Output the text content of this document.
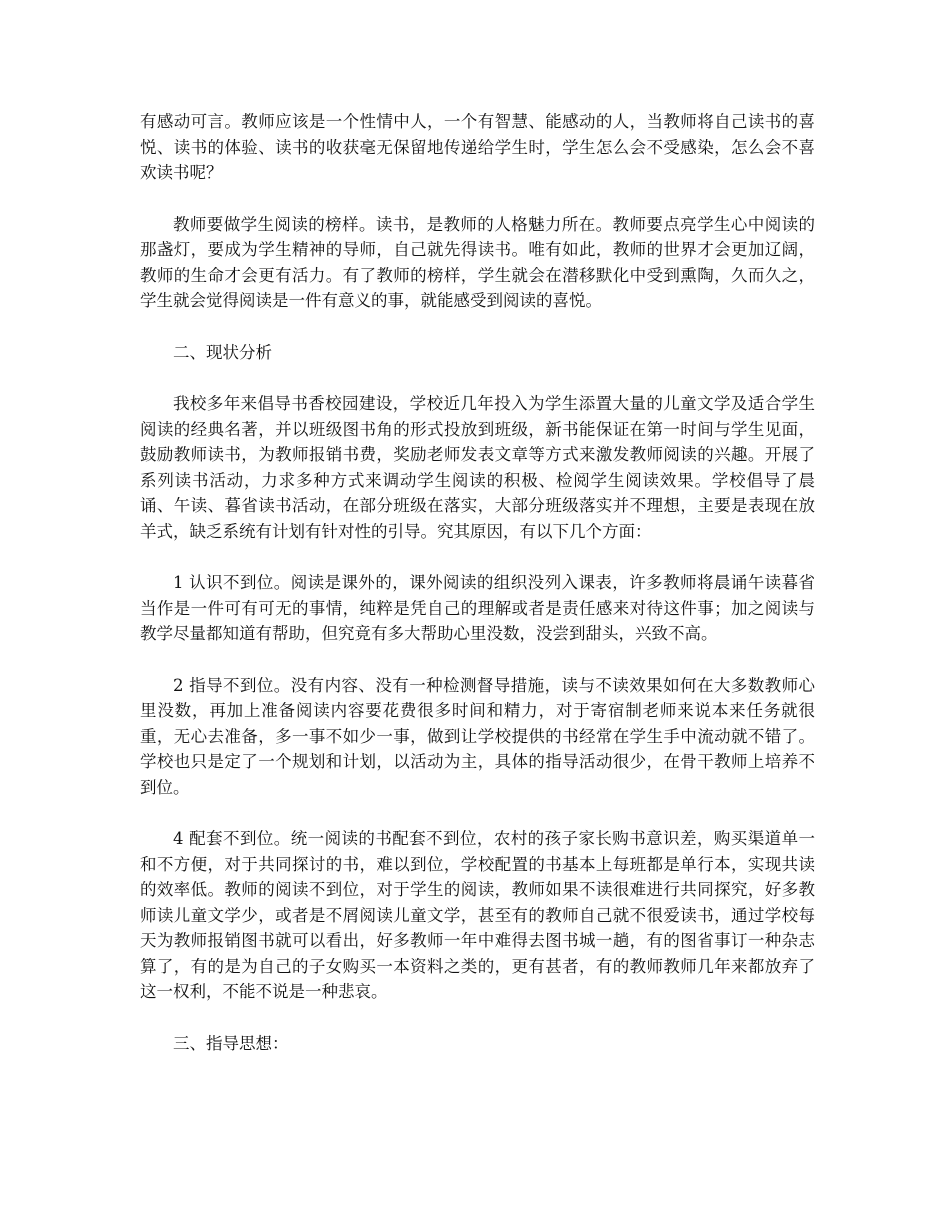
有感动可言。教师应该是一个性情中人，一个有智慧、能感动的人，当教师将自己读书的喜悦、读书的体验、读书的收获毫无保留地传递给学生时，学生怎么会不受感染，怎么会不喜欢读书呢？

教师要做学生阅读的榜样。读书，是教师的人格魅力所在。教师要点亮学生心中阅读的那盏灯，要成为学生精神的导师，自己就先得读书。唯有如此，教师的世界才会更加辽阔，教师的生命才会更有活力。有了教师的榜样，学生就会在潜移默化中受到熏陶，久而久之，学生就会觉得阅读是一件有意义的事，就能感受到阅读的喜悦。

二、现状分析

我校多年来倡导书香校园建设，学校近几年投入为学生添置大量的儿童文学及适合学生阅读的经典名著，并以班级图书角的形式投放到班级，新书能保证在第一时间与学生见面，鼓励教师读书，为教师报销书费，奖励老师发表文章等方式来激发教师阅读的兴趣。开展了系列读书活动，力求多种方式来调动学生阅读的积极、检阅学生阅读效果。学校倡导了晨诵、午读、暮省读书活动，在部分班级在落实，大部分班级落实并不理想，主要是表现在放羊式，缺乏系统有计划有针对性的引导。究其原因，有以下几个方面：

1 认识不到位。阅读是课外的，课外阅读的组织没列入课表，许多教师将晨诵午读暮省当作是一件可有可无的事情，纯粹是凭自己的理解或者是责任感来对待这件事；加之阅读与教学尽量都知道有帮助，但究竟有多大帮助心里没数，没尝到甜头，兴致不高。

2 指导不到位。没有内容、没有一种检测督导措施，读与不读效果如何在大多数教师心里没数，再加上准备阅读内容要花费很多时间和精力，对于寄宿制老师来说本来任务就很重，无心去准备，多一事不如少一事，做到让学校提供的书经常在学生手中流动就不错了。学校也只是定了一个规划和计划，以活动为主，具体的指导活动很少，在骨干教师上培养不到位。

4 配套不到位。统一阅读的书配套不到位，农村的孩子家长购书意识差，购买渠道单一和不方便，对于共同探讨的书，难以到位，学校配置的书基本上每班都是单行本，实现共读的效率低。教师的阅读不到位，对于学生的阅读，教师如果不读很难进行共同探究，好多教师读儿童文学少，或者是不屑阅读儿童文学，甚至有的教师自己就不很爱读书，通过学校每天为教师报销图书就可以看出，好多教师一年中难得去图书城一趟，有的图省事订一种杂志算了，有的是为自己的子女购买一本资料之类的，更有甚者，有的教师教师几年来都放弃了这一权利，不能不说是一种悲哀。

三、指导思想：
